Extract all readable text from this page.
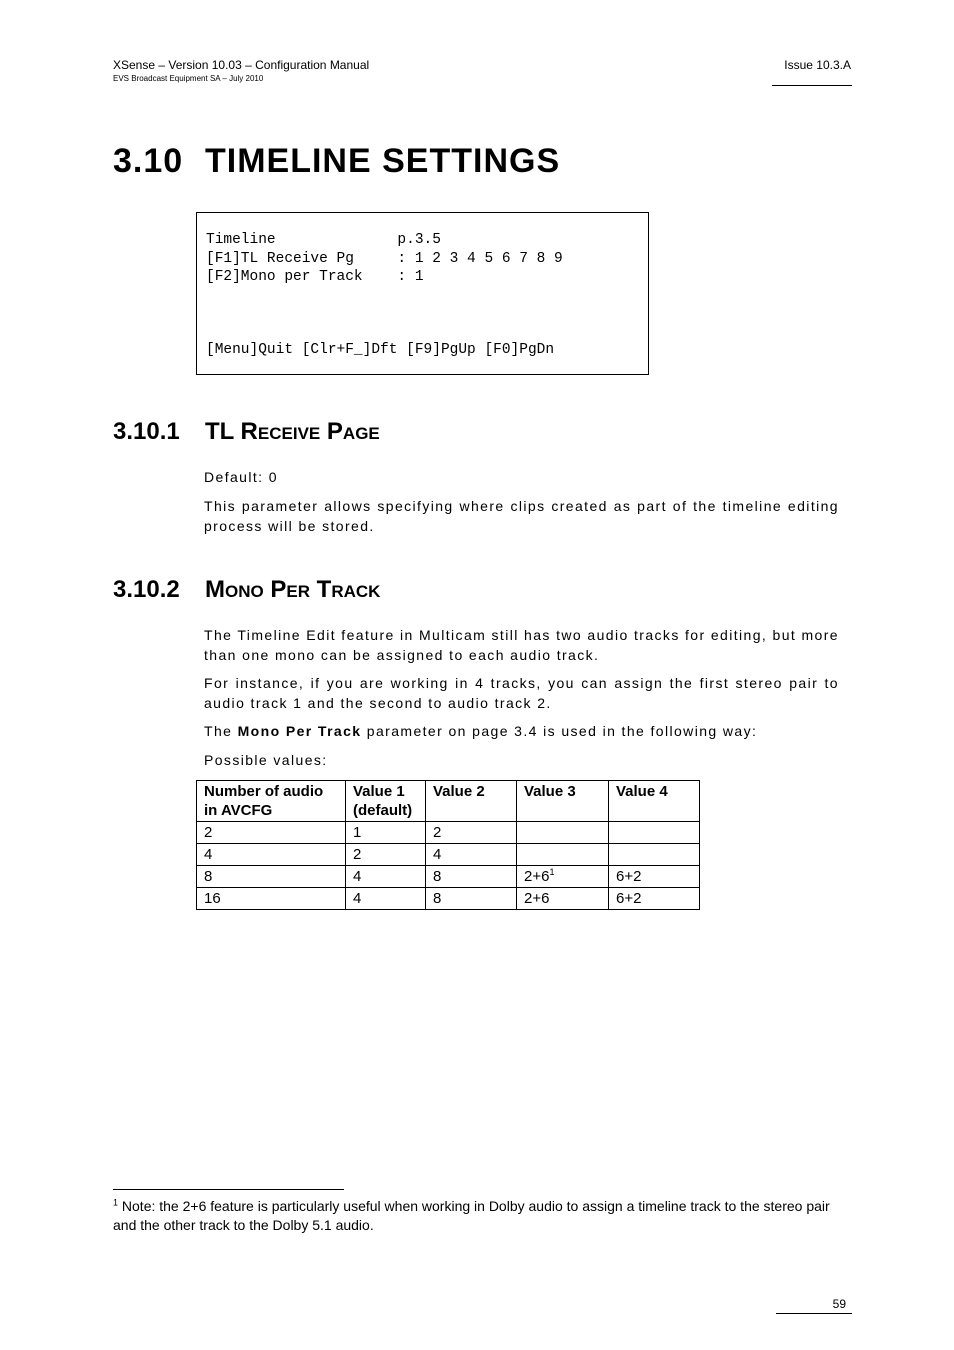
XSense – Version 10.03 – Configuration Manual
EVS Broadcast Equipment SA – July 2010
Issue 10.3.A
3.10 TIMELINE SETTINGS
Timeline              p.3.5
[F1]TL Receive Pg     : 1 2 3 4 5 6 7 8 9
[F2]Mono per Track    : 1
[Menu]Quit [Clr+F_]Dft [F9]PgUp [F0]PgDn
3.10.1 TL Receive Page
Default: 0
This parameter allows specifying where clips created as part of the timeline editing process will be stored.
3.10.2 Mono Per Track
The Timeline Edit feature in Multicam still has two audio tracks for editing, but more than one mono can be assigned to each audio track.
For instance, if you are working in 4 tracks, you can assign the first stereo pair to audio track 1 and the second to audio track 2.
The Mono Per Track parameter on page 3.4 is used in the following way:
Possible values:
Number of audio in AVCFG	Value 1 (default)	Value 2	Value 3	Value 4
2	1	2		
4	2	4		
8	4	8	$2+6^1$	6+2
16	4	8	2+6	6+2
$^1$ Note: the 2+6 feature is particularly useful when working in Dolby audio to assign a timeline track to the stereo pair and the other track to the Dolby 5.1 audio.
59
